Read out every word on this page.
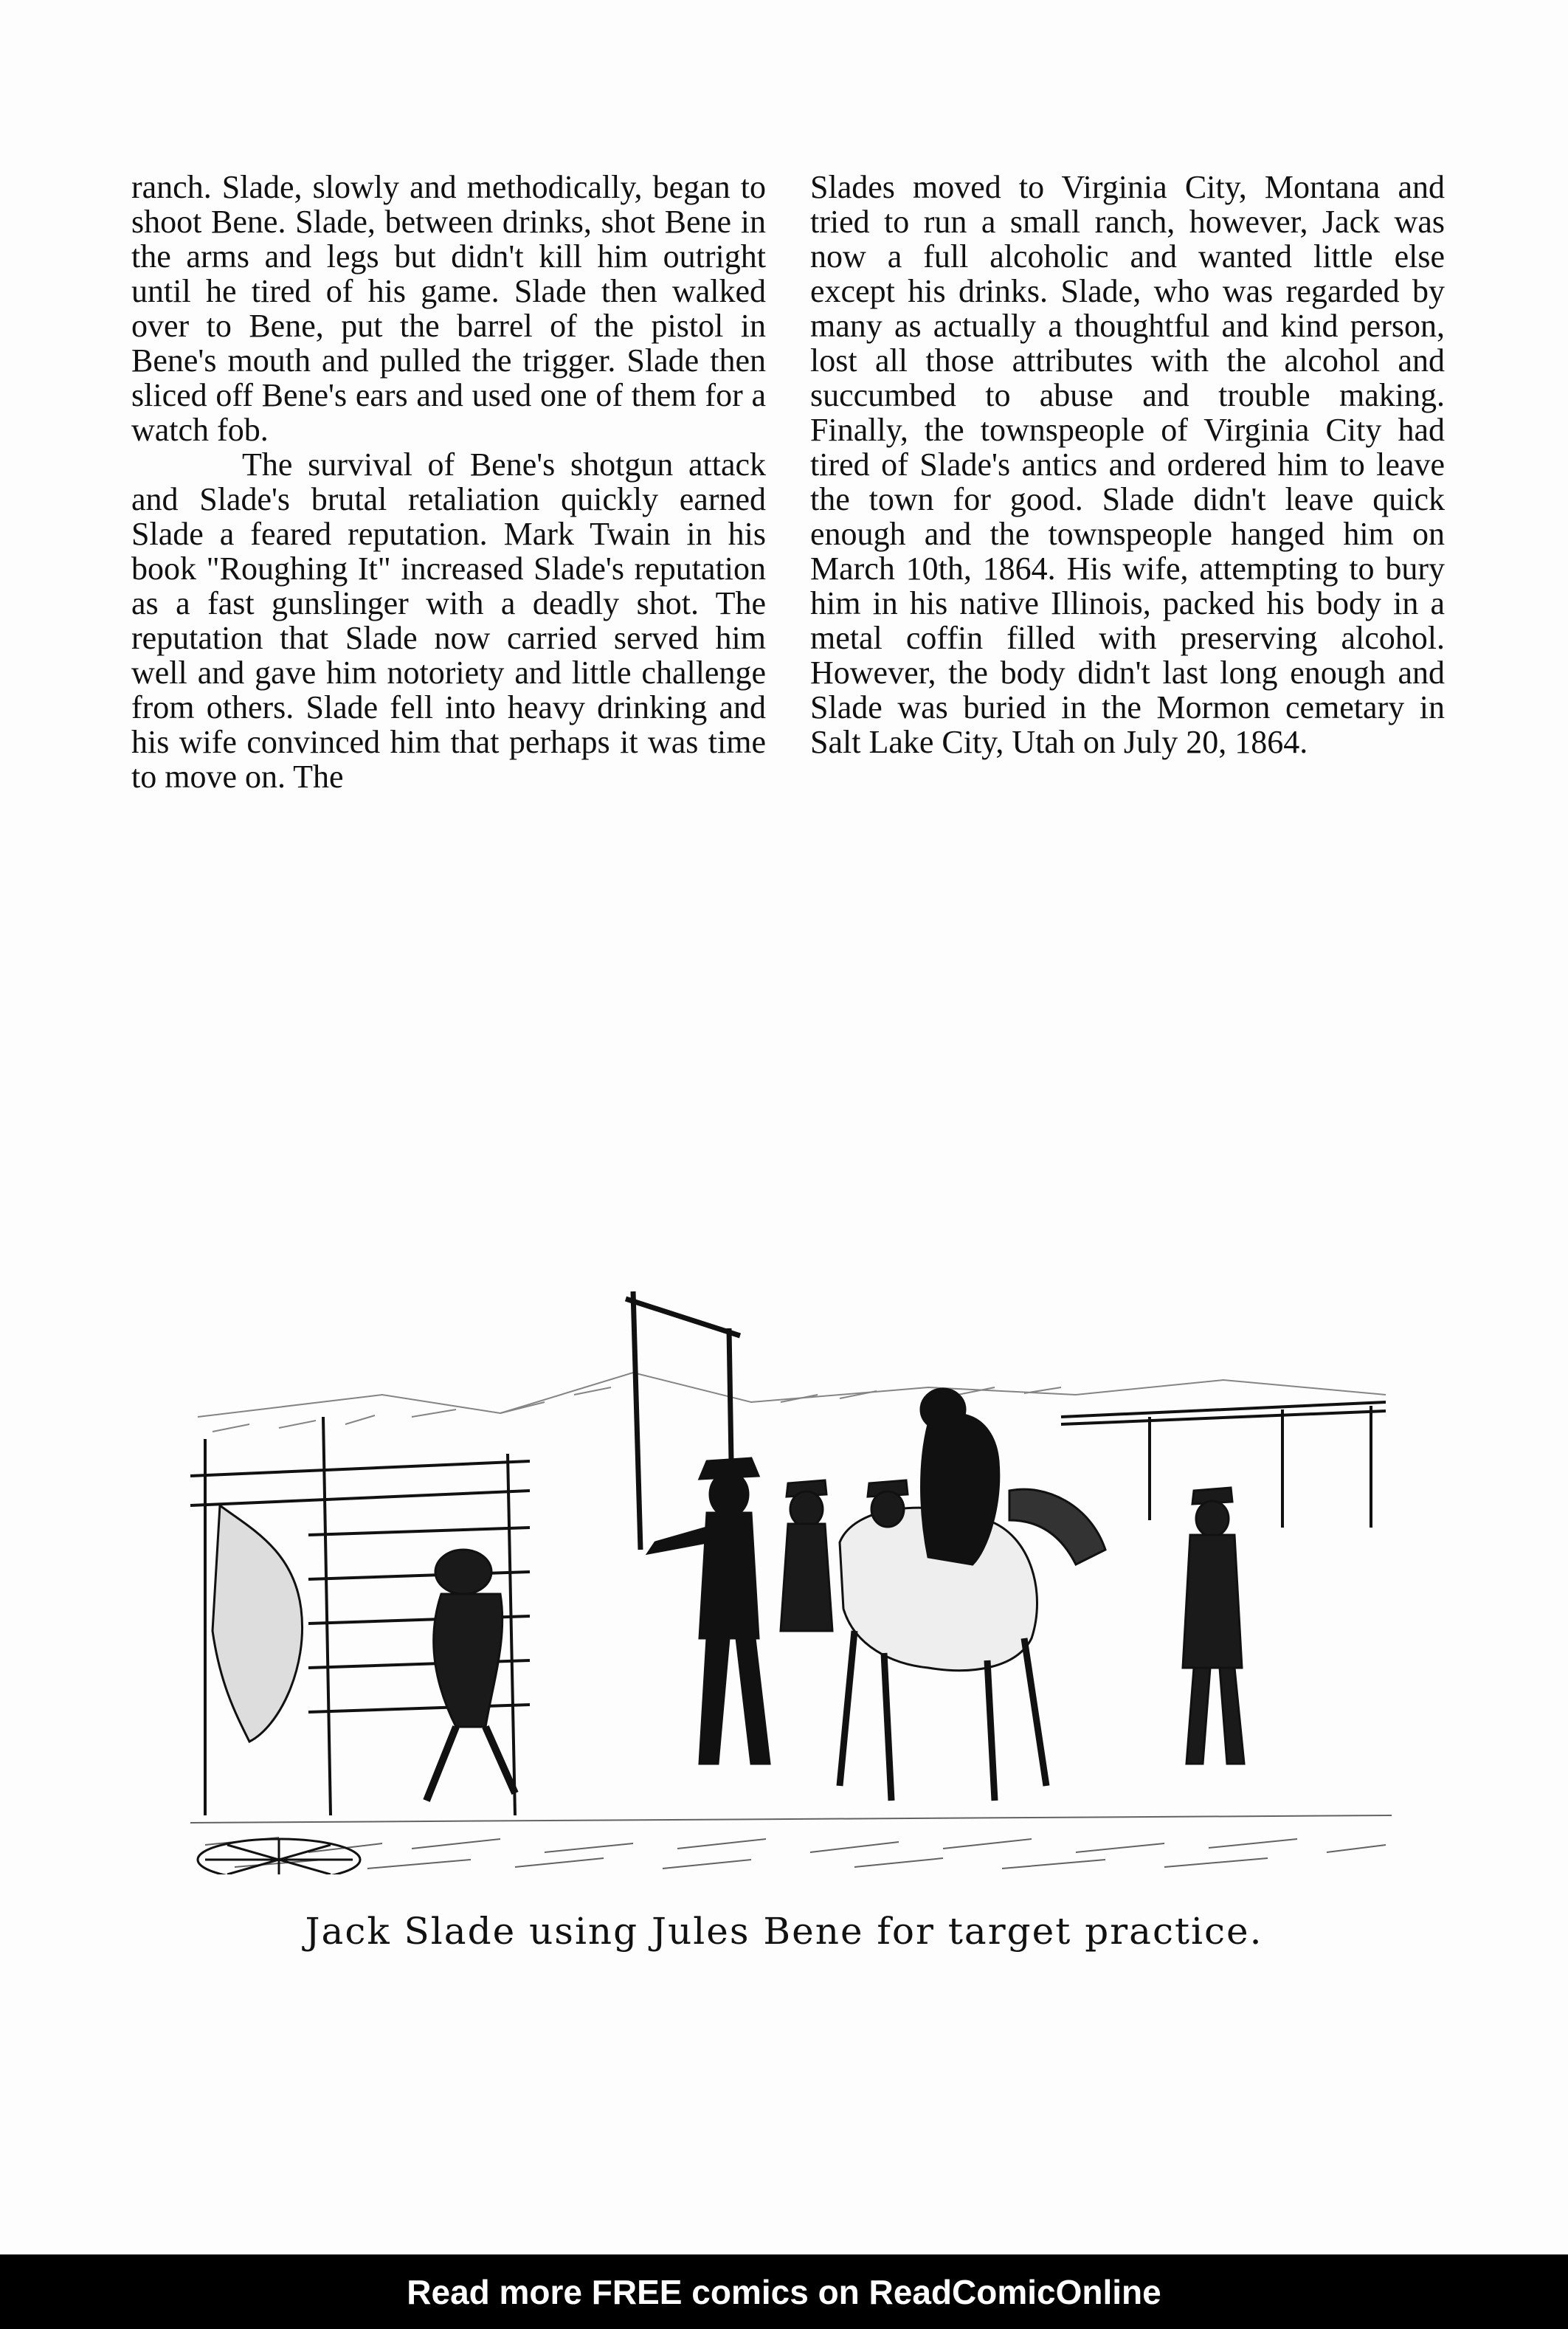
ranch. Slade, slowly and methodically, began to shoot Bene. Slade, between drinks, shot Bene in the arms and legs but didn't kill him outright until he tired of his game. Slade then walked over to Bene, put the barrel of the pistol in Bene's mouth and pulled the trigger. Slade then sliced off Bene's ears and used one of them for a watch fob.

The survival of Bene's shotgun attack and Slade's brutal retaliation quickly earned Slade a feared reputation. Mark Twain in his book "Roughing It" increased Slade's reputation as a fast gunslinger with a deadly shot. The reputation that Slade now carried served him well and gave him notoriety and little challenge from others. Slade fell into heavy drinking and his wife convinced him that perhaps it was time to move on. The

Slades moved to Virginia City, Montana and tried to run a small ranch, however, Jack was now a full alcoholic and wanted little else except his drinks. Slade, who was regarded by many as actually a thoughtful and kind person, lost all those attributes with the alcohol and succumbed to abuse and trouble making. Finally, the townspeople of Virginia City had tired of Slade's antics and ordered him to leave the town for good. Slade didn't leave quick enough and the townspeople hanged him on March 10th, 1864. His wife, attempting to bury him in his native Illinois, packed his body in a metal coffin filled with preserving alcohol. However, the body didn't last long enough and Slade was buried in the Mormon cemetary in Salt Lake City, Utah on July 20, 1864.

Jack Slade using Jules Bene for target practice.
Read more FREE comics on ReadComicOnline
